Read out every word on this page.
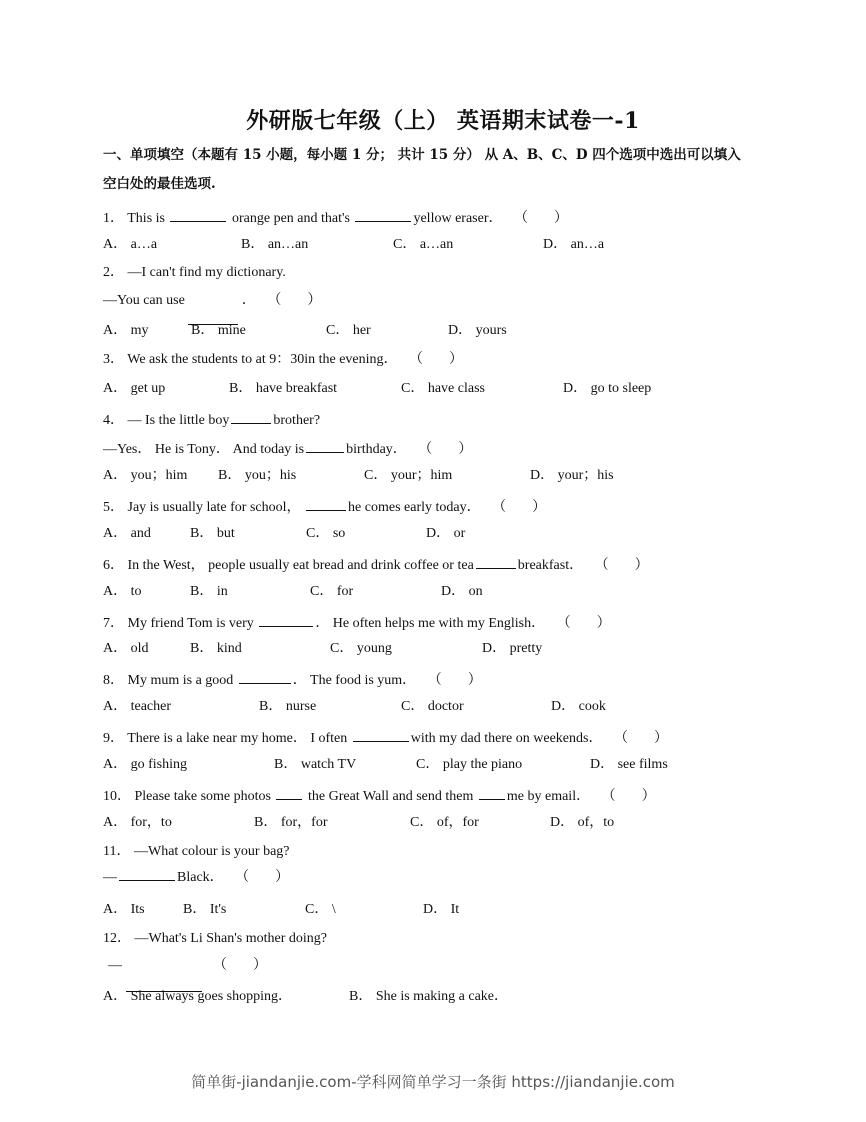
外研版七年级（上） 英语期末试卷一-1
一、单项填空（本题有 15 小题，每小题 1 分； 共计 15 分） 从 A、B、C、D 四个选项中选出可以填入
空白处的最佳选项.
1． This is	orange pen and that's	yellow eraser． （ ）
A． a…a	B． an…an	C． a…an	D． an…a
2． —I can't find my dictionary.
—You can use	． （ ）
A． my	B． mine	C． her	D． yours
3． We ask the students to at 9：30in the evening． （ ）
A． get up	B． have breakfast	C． have class	D． go to sleep
4． — Is the little boy	brother?
—Yes． He is Tony． And today is	birthday． （ ）
A． you；him B． you；his	C． your；him	D． your；his
5． Jay is usually late for school，	he comes early today． （ ）
A． and	B． but	C． so	D． or
6． In the West， people usually eat bread and drink coffee or tea	breakfast． （ ）
A． to	B． in	C． for	D． on
7． My friend Tom is very	． He often helps me with my English． （ ）
A． old	B． kind	C． young	D． pretty
8． My mum is a good	． The food is yum． （ ）
A． teacher	B． nurse	C． doctor	D． cook
9． There is a lake near my home． I often	with my dad there on weekends． （ ）
A． go fishing	B． watch TV	C． play the piano	D． see films
10． Please take some photos	the Great Wall and send them me by email． （ ）
A． for，to	B． for，for	C． of，for	D． of，to
11． —What colour is your bag?
—	Black． （ ）
A． Its	B． It's	C． \	D． It
12． —What's Li Shan's mother doing?
—	（ ）
A． She always goes shopping．	B． She is making a cake．
简单街-jiandanjie.com-学科网简单学习一条街 https://jiandanjie.com
